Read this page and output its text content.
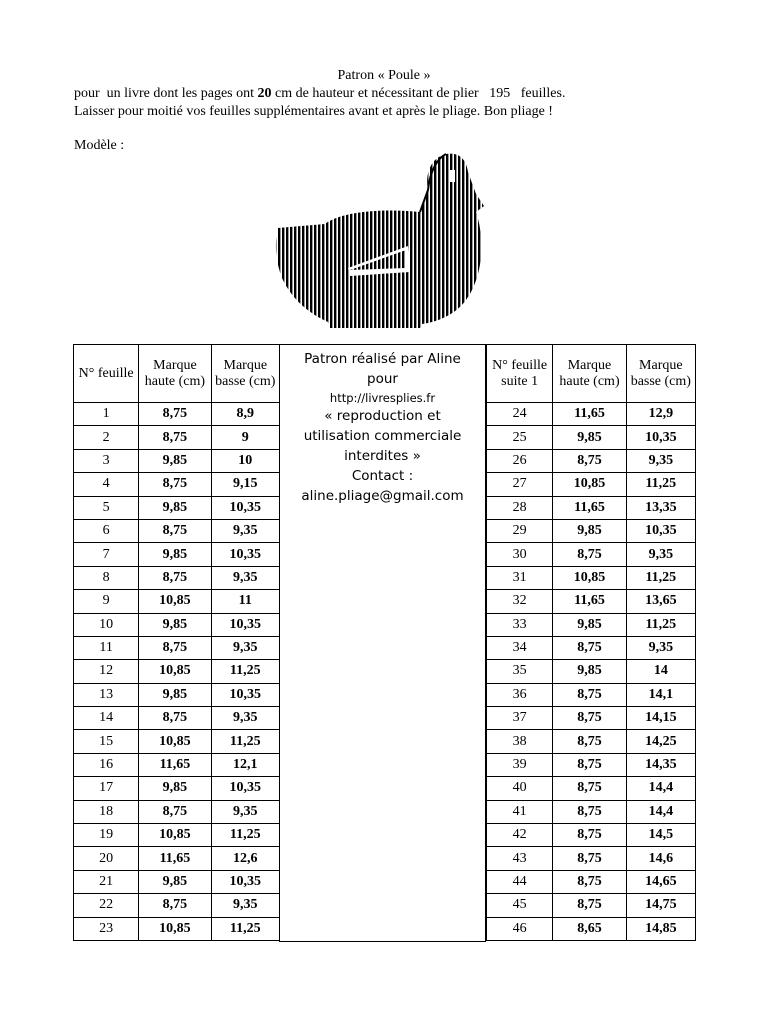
Patron « Poule »
pour  un livre dont les pages ont 20 cm de hauteur et nécessitant de plier   195   feuilles.
Laisser pour moitié vos feuilles supplémentaires avant et après le pliage. Bon pliage !
Modèle :
N° feuille	Marque haute (cm)	Marque basse (cm)
1	8,75	8,9
2	8,75	9
3	9,85	10
4	8,75	9,15
5	9,85	10,35
6	8,75	9,35
7	9,85	10,35
8	8,75	9,35
9	10,85	11
10	9,85	10,35
11	8,75	9,35
12	10,85	11,25
13	9,85	10,35
14	8,75	9,35
15	10,85	11,25
16	11,65	12,1
17	9,85	10,35
18	8,75	9,35
19	10,85	11,25
20	11,65	12,6
21	9,85	10,35
22	8,75	9,35
23	10,85	11,25
Patron réalisé par Aline
pour
http://livresplies.fr
« reproduction et
utilisation commerciale
interdites »
Contact :
aline.pliage@gmail.com
N° feuille suite 1	Marque haute (cm)	Marque basse (cm)
24	11,65	12,9
25	9,85	10,35
26	8,75	9,35
27	10,85	11,25
28	11,65	13,35
29	9,85	10,35
30	8,75	9,35
31	10,85	11,25
32	11,65	13,65
33	9,85	11,25
34	8,75	9,35
35	9,85	14
36	8,75	14,1
37	8,75	14,15
38	8,75	14,25
39	8,75	14,35
40	8,75	14,4
41	8,75	14,4
42	8,75	14,5
43	8,75	14,6
44	8,75	14,65
45	8,75	14,75
46	8,65	14,85
